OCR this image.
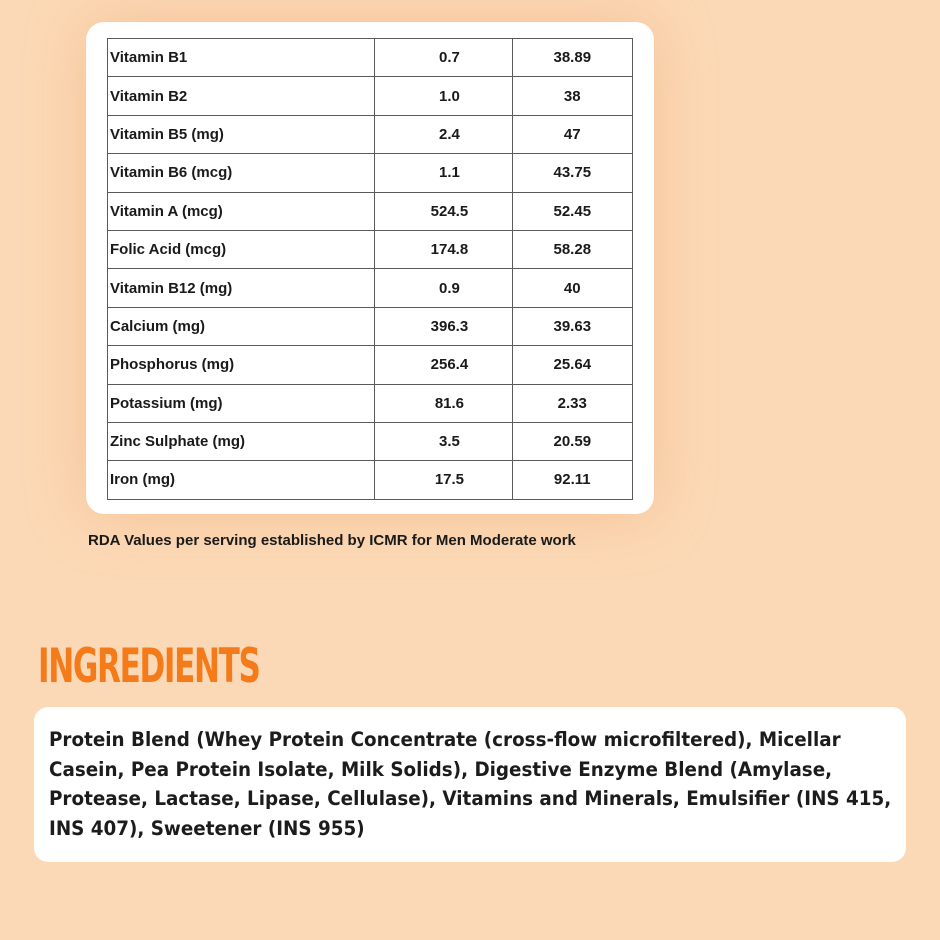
Vitamin B1	0.7	38.89
Vitamin B2	1.0	38
Vitamin B5 (mg)	2.4	47
Vitamin B6 (mcg)	1.1	43.75
Vitamin A (mcg)	524.5	52.45
Folic Acid (mcg)	174.8	58.28
Vitamin B12 (mg)	0.9	40
Calcium (mg)	396.3	39.63
Phosphorus (mg)	256.4	25.64
Potassium (mg)	81.6	2.33
Zinc Sulphate (mg)	3.5	20.59
Iron (mg)	17.5	92.11
RDA Values per serving established by ICMR for Men Moderate work
INGREDIENTS
Protein Blend (Whey Protein Concentrate (cross-flow microfiltered), Micellar Casein, Pea Protein Isolate, Milk Solids), Digestive Enzyme Blend (Amylase, Protease, Lactase, Lipase, Cellulase), Vitamins and Minerals, Emulsifier (INS 415, INS 407), Sweetener (INS 955)
